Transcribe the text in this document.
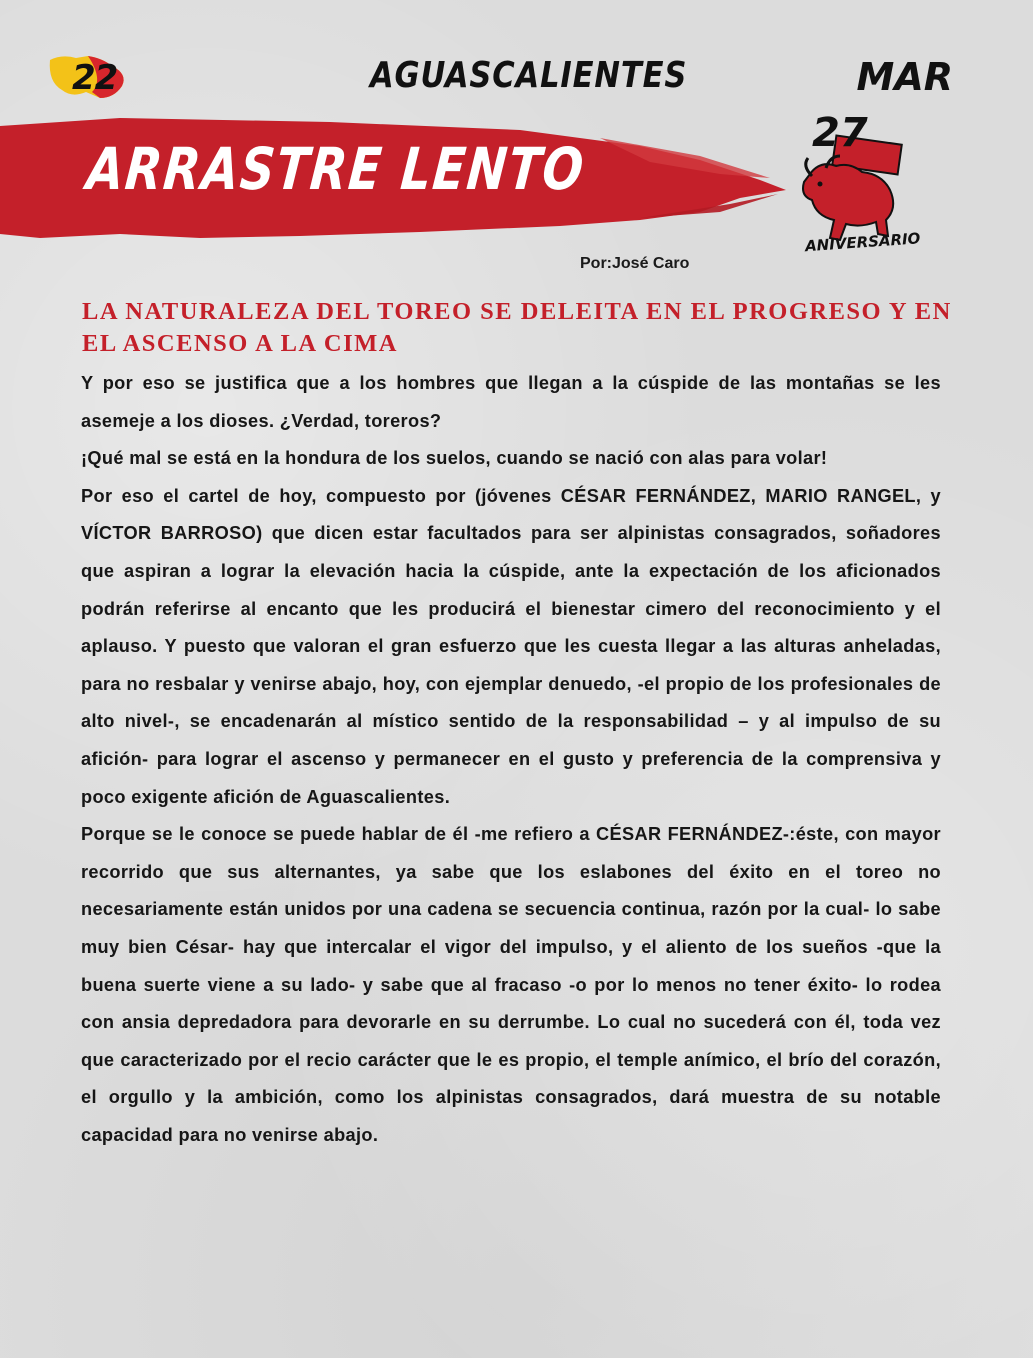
22	AGUASCALIENTES	MAR
ARRASTRE LENTO
27
ANIVERSARIO
Por:José Caro
LA NATURALEZA DEL TOREO SE DELEITA EN EL PROGRESO Y EN EL ASCENSO A LA CIMA

Y por eso se justifica que a los hombres que llegan a la cúspide de las montañas se les asemeje a los dioses. ¿Verdad, toreros?

¡Qué mal se está en la hondura de los suelos, cuando se nació con alas para volar!

Por eso el cartel de hoy, compuesto por (jóvenes CÉSAR FERNÁNDEZ, MARIO RANGEL, y VÍCTOR BARROSO) que dicen estar facultados para ser alpinistas consagrados, soñadores que aspiran a lograr la elevación hacia la cúspide, ante la expectación de los aficionados podrán referirse al encanto que les producirá el bienestar cimero del reconocimiento y el aplauso. Y puesto que valoran el gran esfuerzo que les cuesta llegar a las alturas anheladas, para no resbalar y venirse abajo, hoy, con ejemplar denuedo, -el propio de los profesionales de alto nivel-, se encadenarán al místico sentido de la responsabilidad – y al impulso de su afición- para lograr el ascenso y permanecer en el gusto y preferencia de la comprensiva y poco exigente afición de Aguascalientes.

Porque se le conoce se puede hablar de él -me refiero a CÉSAR FERNÁNDEZ-:éste, con mayor recorrido que sus alternantes, ya sabe que los eslabones del éxito en el toreo no necesariamente están unidos por una cadena se secuencia continua, razón por la cual- lo sabe muy bien César- hay que intercalar el vigor del impulso, y el aliento de los sueños -que la buena suerte viene a su lado- y sabe que al fracaso -o por lo menos no tener éxito- lo rodea con ansia depredadora para devorarle en su derrumbe. Lo cual no sucederá con él, toda vez que caracterizado por el recio carácter que le es propio, el temple anímico, el brío del corazón, el orgullo y la ambición, como los alpinistas consagrados, dará muestra de su notable capacidad para no venirse abajo.
